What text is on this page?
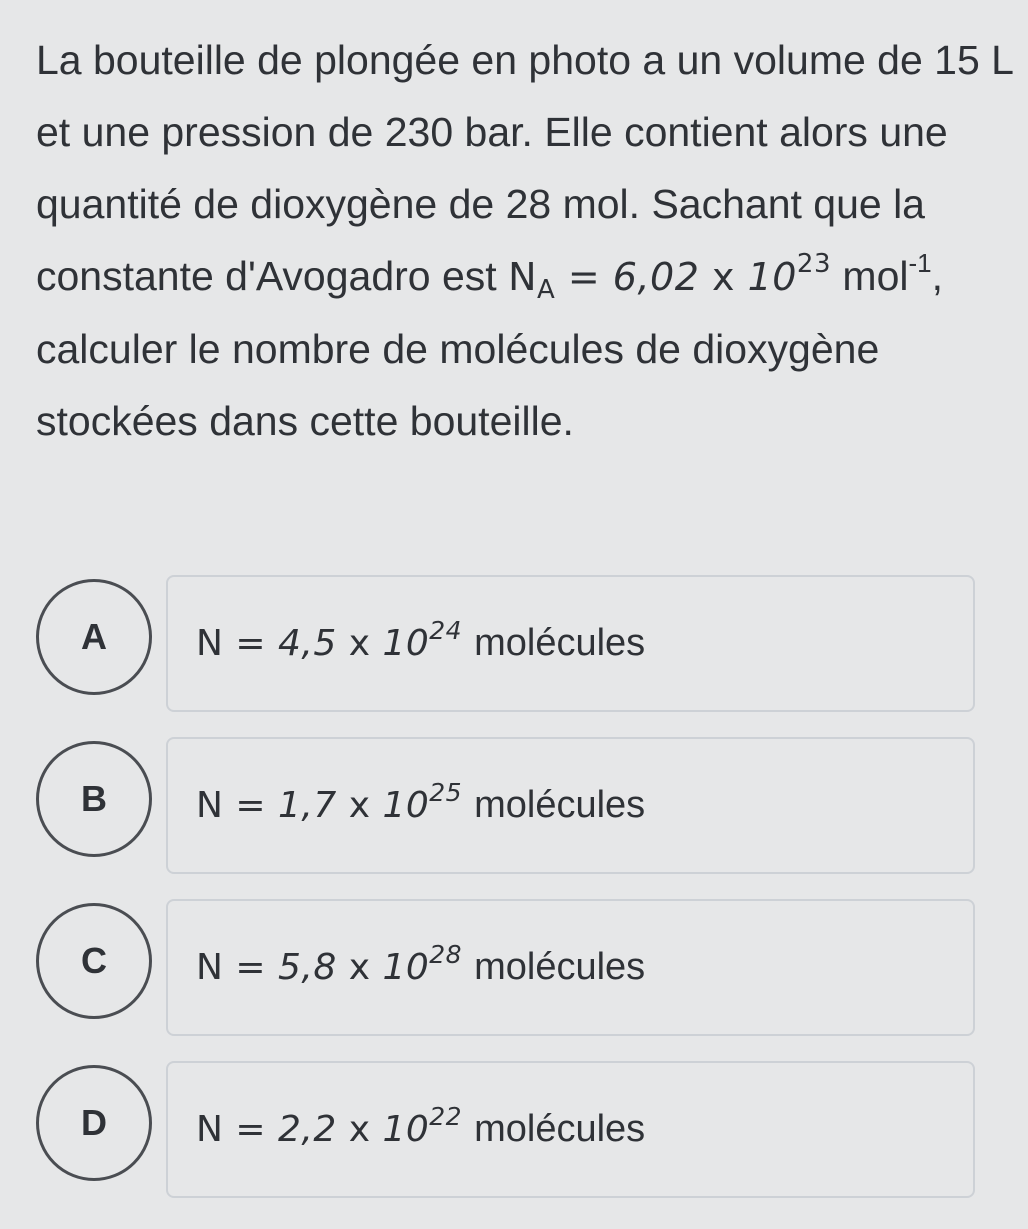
La bouteille de plongée en photo a un volume de 15 L et une pression de 230 bar. Elle contient alors une quantité de dioxygène de 28 mol. Sachant que la constante d'Avogadro est $N_A = 6,02$ x $10^{23}$ mol$^{-1}$, calculer le nombre de molécules de dioxygène stockées dans cette bouteille.
A	N = 4,5 x $10^{24}$ molécules
B	N = 1,7 x $10^{25}$ molécules
C	N = 5,8 x $10^{28}$ molécules
D	N = 2,2 x $10^{22}$ molécules
